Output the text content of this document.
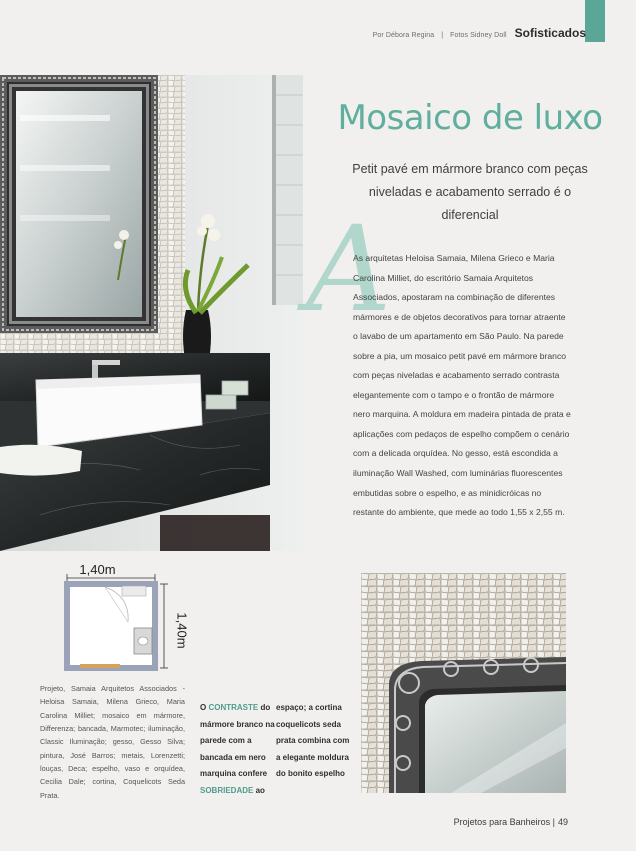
Por Débora Regina	|	Fotos Sidney Doll Sofisticados
Mosaico de luxo
Petit pavé em mármore branco com peças niveladas e acabamento serrado é o diferencial
A
As arquitetas Heloisa Samaia, Milena Grieco e Maria Carolina Milliet, do escritório Samaia Arquitetos Associados, apostaram na combinação de diferentes mármores e de objetos decorativos para tornar atraente o lavabo de um apartamento em São Paulo. Na parede sobre a pia, um mosaico petit pavé em mármore branco com peças niveladas e acabamento serrado contrasta elegantemente com o tampo e o frontão de mármore nero marquina. A moldura em madeira pintada de prata e aplicações com pedaços de espelho compõem o cenário com a delicada orquídea. No gesso, está escondida a iluminação Wall Washed, com luminárias fluorescentes embutidas sobre o espelho, e as minidicróicas no restante do ambiente, que mede ao todo 1,55 x 2,55 m.
1,40m
1,40m
Projeto, Samaia Arquitetos Associados - Heloisa Samaia, Milena Grieco, Maria Carolina Milliet; mosaico em mármore, Differenza; bancada, Marmotec; iluminação, Classic Iluminação; gesso, Gesso Silva; pintura, José Barros; metais, Lorenzetti; louças, Deca; espelho, vaso e orquídea, Cecilia Dale; cortina, Coquelicots Seda Prata.
O CONTRASTE do mármore branco na parede com a bancada em nero marquina confere SOBRIEDADE ao
espaço; a cortina coquelicots seda prata combina com a elegante moldura do bonito espelho
Projetos para Banheiros | 49
